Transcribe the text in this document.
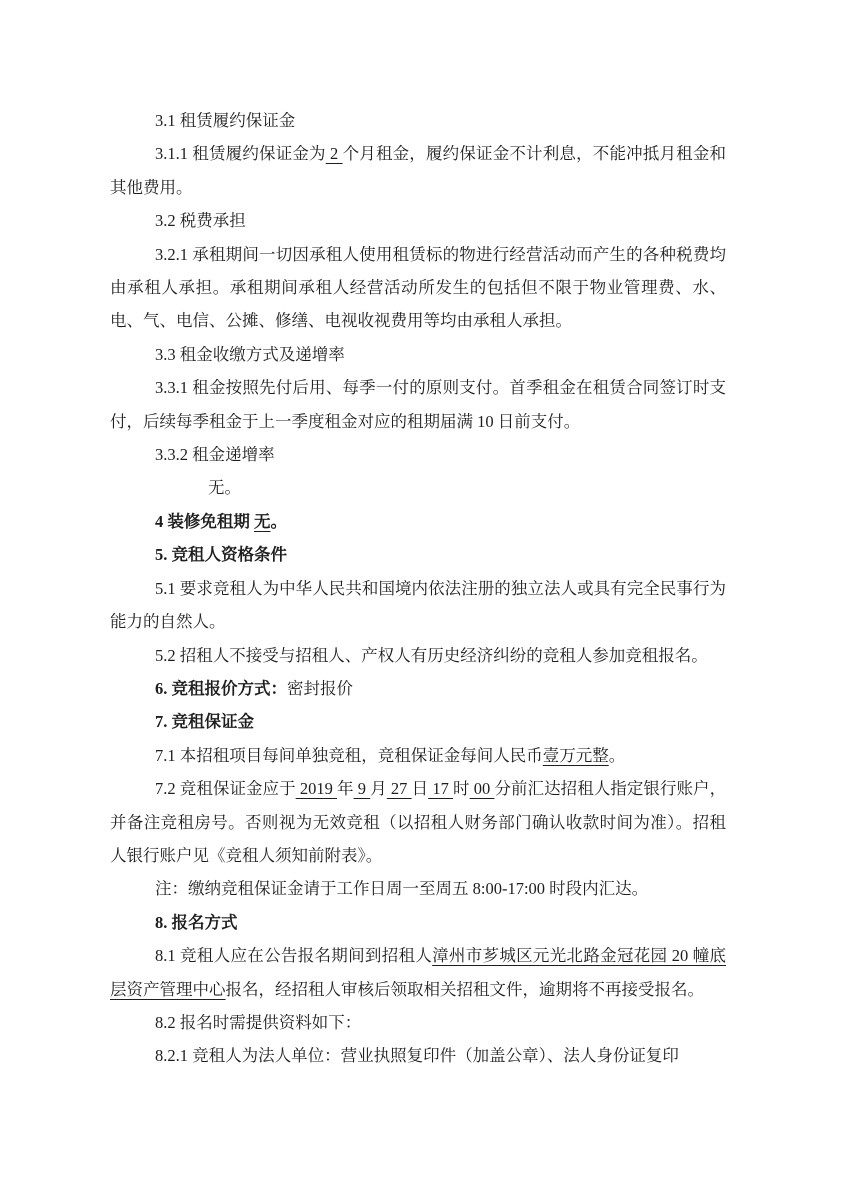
3.1 租赁履约保证金

3.1.1 租赁履约保证金为 2 个月租金，履约保证金不计利息，不能冲抵月租金和其他费用。

3.2 税费承担

3.2.1 承租期间一切因承租人使用租赁标的物进行经营活动而产生的各种税费均由承租人承担。承租期间承租人经营活动所发生的包括但不限于物业管理费、水、电、气、电信、公摊、修缮、电视收视费用等均由承租人承担。

3.3 租金收缴方式及递增率

3.3.1 租金按照先付后用、每季一付的原则支付。首季租金在租赁合同签订时支付，后续每季租金于上一季度租金对应的租期届满 10 日前支付。

3.3.2 租金递增率

无。

4 装修免租期 无。

5. 竞租人资格条件

5.1 要求竞租人为中华人民共和国境内依法注册的独立法人或具有完全民事行为能力的自然人。

5.2 招租人不接受与招租人、产权人有历史经济纠纷的竞租人参加竞租报名。

6. 竞租报价方式：密封报价

7. 竞租保证金

7.1 本招租项目每间单独竞租，竞租保证金每间人民币壹万元整。

7.2 竞租保证金应于 2019 年 9 月 27 日 17 时 00 分前汇达招租人指定银行账户，并备注竞租房号。否则视为无效竞租（以招租人财务部门确认收款时间为准）。招租人银行账户见《竞租人须知前附表》。

注：缴纳竞租保证金请于工作日周一至周五 8:00-17:00 时段内汇达。

8. 报名方式

8.1 竞租人应在公告报名期间到招租人漳州市芗城区元光北路金冠花园 20 幢底层资产管理中心报名，经招租人审核后领取相关招租文件，逾期将不再接受报名。

8.2 报名时需提供资料如下：

8.2.1 竞租人为法人单位：营业执照复印件（加盖公章）、法人身份证复印
